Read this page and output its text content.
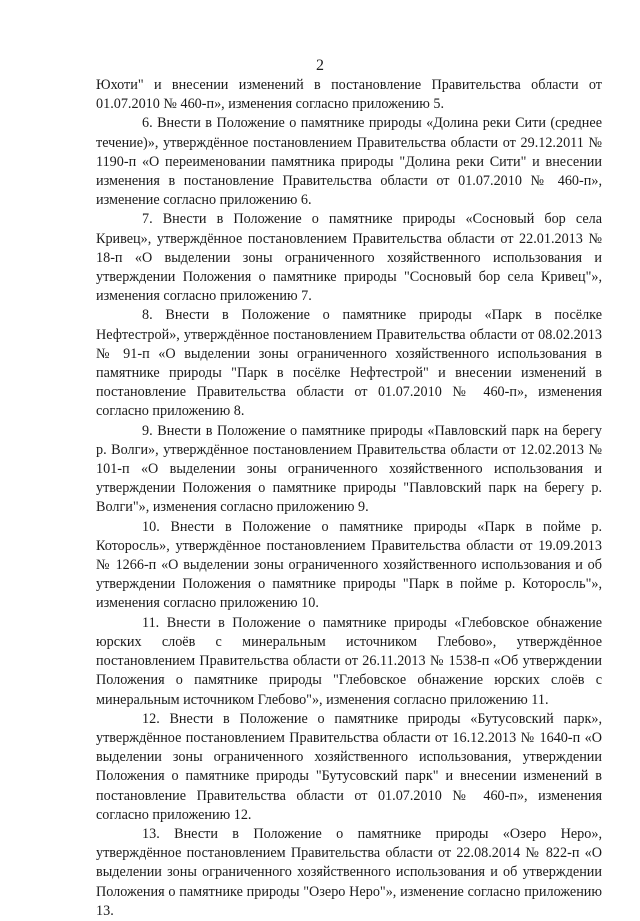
2

Юхоти" и внесении изменений в постановление Правительства области от 01.07.2010 № 460-п», изменения согласно приложению 5.

6. Внести в Положение о памятнике природы «Долина реки Сити (среднее течение)», утверждённое постановлением Правительства области от 29.12.2011 № 1190-п «О переименовании памятника природы "Долина реки Сити" и внесении изменения в постановление Правительства области от 01.07.2010 № 460-п», изменение согласно приложению 6.

7. Внести в Положение о памятнике природы «Сосновый бор села Кривец», утверждённое постановлением Правительства области от 22.01.2013 № 18-п «О выделении зоны ограниченного хозяйственного использования и утверждении Положения о памятнике природы "Сосновый бор села Кривец"», изменения согласно приложению 7.

8. Внести в Положение о памятнике природы «Парк в посёлке Нефтестрой», утверждённое постановлением Правительства области от 08.02.2013 № 91-п «О выделении зоны ограниченного хозяйственного использования в памятнике природы "Парк в посёлке Нефтестрой" и внесении изменений в постановление Правительства области от 01.07.2010 № 460-п», изменения согласно приложению 8.

9. Внести в Положение о памятнике природы «Павловский парк на берегу р. Волги», утверждённое постановлением Правительства области от 12.02.2013 № 101-п «О выделении зоны ограниченного хозяйственного использования и утверждении Положения о памятнике природы "Павловский парк на берегу р. Волги"», изменения согласно приложению 9.

10. Внести в Положение о памятнике природы «Парк в пойме р. Которосль», утверждённое постановлением Правительства области от 19.09.2013 № 1266-п «О выделении зоны ограниченного хозяйственного использования и об утверждении Положения о памятнике природы "Парк в пойме р. Которосль"», изменения согласно приложению 10.

11. Внести в Положение о памятнике природы «Глебовское обнажение юрских слоёв с минеральным источником Глебово», утверждённое постановлением Правительства области от 26.11.2013 № 1538-п «Об утверждении Положения о памятнике природы "Глебовское обнажение юрских слоёв с минеральным источником Глебово"», изменения согласно приложению 11.

12. Внести в Положение о памятнике природы «Бутусовский парк», утверждённое постановлением Правительства области от 16.12.2013 № 1640-п «О выделении зоны ограниченного хозяйственного использования, утверждении Положения о памятнике природы "Бутусовский парк" и внесении изменений в постановление Правительства области от 01.07.2010 № 460-п», изменения согласно приложению 12.

13. Внести в Положение о памятнике природы «Озеро Неро», утверждённое постановлением Правительства области от 22.08.2014 № 822-п «О выделении зоны ограниченного хозяйственного использования и об утверждении Положения о памятнике природы "Озеро Неро"», изменение согласно приложению 13.
